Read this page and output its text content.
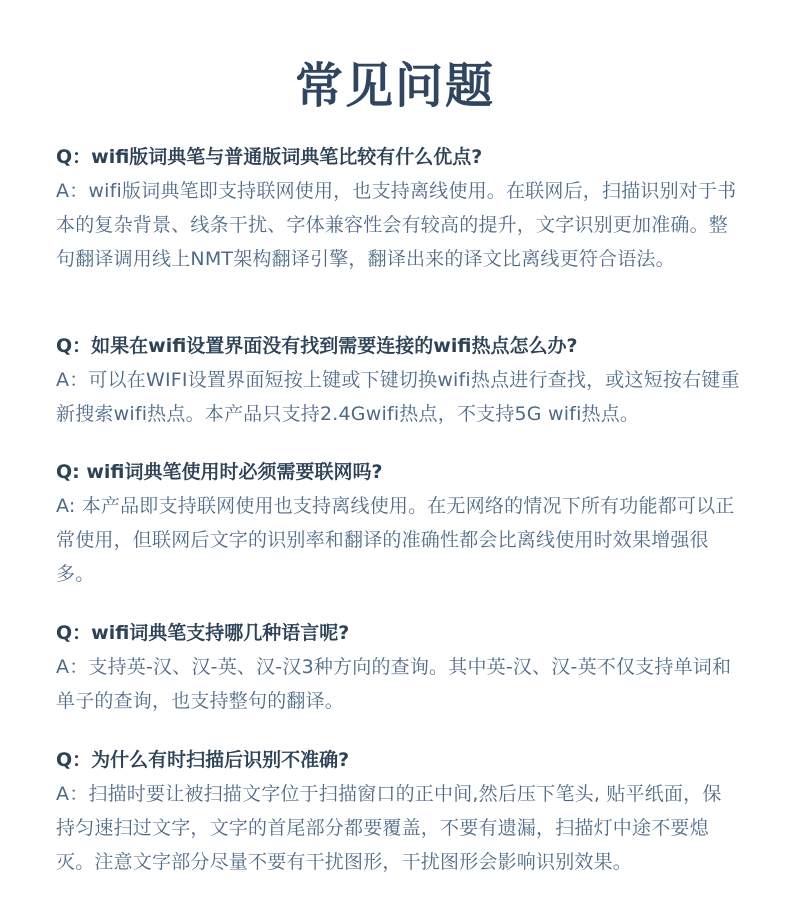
常见问题
Q：wifi版词典笔与普通版词典笔比较有什么优点?
A：wifi版词典笔即支持联网使用，也支持离线使用。在联网后，扫描识别对于书本的复杂背景、线条干扰、字体兼容性会有较高的提升，文字识别更加准确。整句翻译调用线上NMT架构翻译引擎，翻译出来的译文比离线更符合语法。
Q：如果在wifi设置界面没有找到需要连接的wifi热点怎么办?
A：可以在WIFI设置界面短按上键或下键切换wifi热点进行查找，或这短按右键重新搜索wifi热点。本产品只支持2.4Gwifi热点，不支持5G wifi热点。
Q: wifi词典笔使用时必须需要联网吗?
A: 本产品即支持联网使用也支持离线使用。在无网络的情况下所有功能都可以正常使用，但联网后文字的识别率和翻译的准确性都会比离线使用时效果增强很多。
Q：wifi词典笔支持哪几种语言呢?
A：支持英-汉、汉-英、汉-汉3种方向的查询。其中英-汉、汉-英不仅支持单词和单子的查询，也支持整句的翻译。
Q：为什么有时扫描后识别不准确?
A：扫描时要让被扫描文字位于扫描窗口的正中间,然后压下笔头, 贴平纸面，保持匀速扫过文字，文字的首尾部分都要覆盖，不要有遗漏，扫描灯中途不要熄灭。注意文字部分尽量不要有干扰图形，干扰图形会影响识别效果。
